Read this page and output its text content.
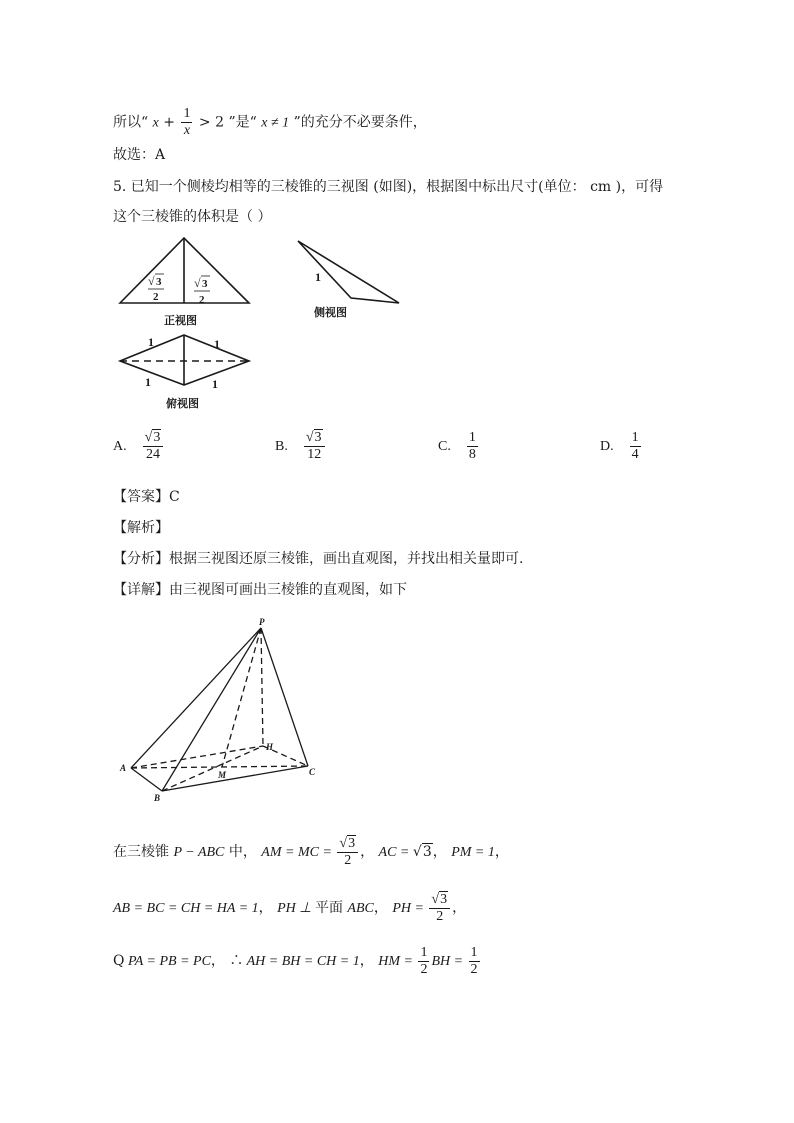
所以“ $x + \frac{1}{x} > 2$ ”是“ x ≠ 1 ”的充分不必要条件，
故选：A
5. 已知一个侧棱均相等的三棱锥的三视图 (如图)，根据图中标出尺寸(单位： cm )，可得
这个三棱锥的体积是（ ）
√ 3
2
√ 3
2
正视图
1
侧视图
1	1
1	1
俯视图
A. $\frac{√3}{24}$	B. $\frac{√3}{12}$	C. $\frac{1}{8}$	D. $\frac{1}{4}$
【答案】C
【解析】
【分析】根据三视图还原三棱锥，画出直观图，并找出相关量即可.
【详解】由三视图可画出三棱锥的直观图，如下
P
A
B
C
H
M
在三棱锥 P − ABC 中， AM = MC = $\frac{√3}{2}$ ， AC = √3， PM = 1，
AB = BC = CH = HA = 1， PH ⊥ 平面 ABC， PH = $\frac{√3}{2}$ ，
Q PA = PB = PC， ∴ AH = BH = CH = 1， HM = $\frac{1}{2}$ BH = $\frac{1}{2}$
